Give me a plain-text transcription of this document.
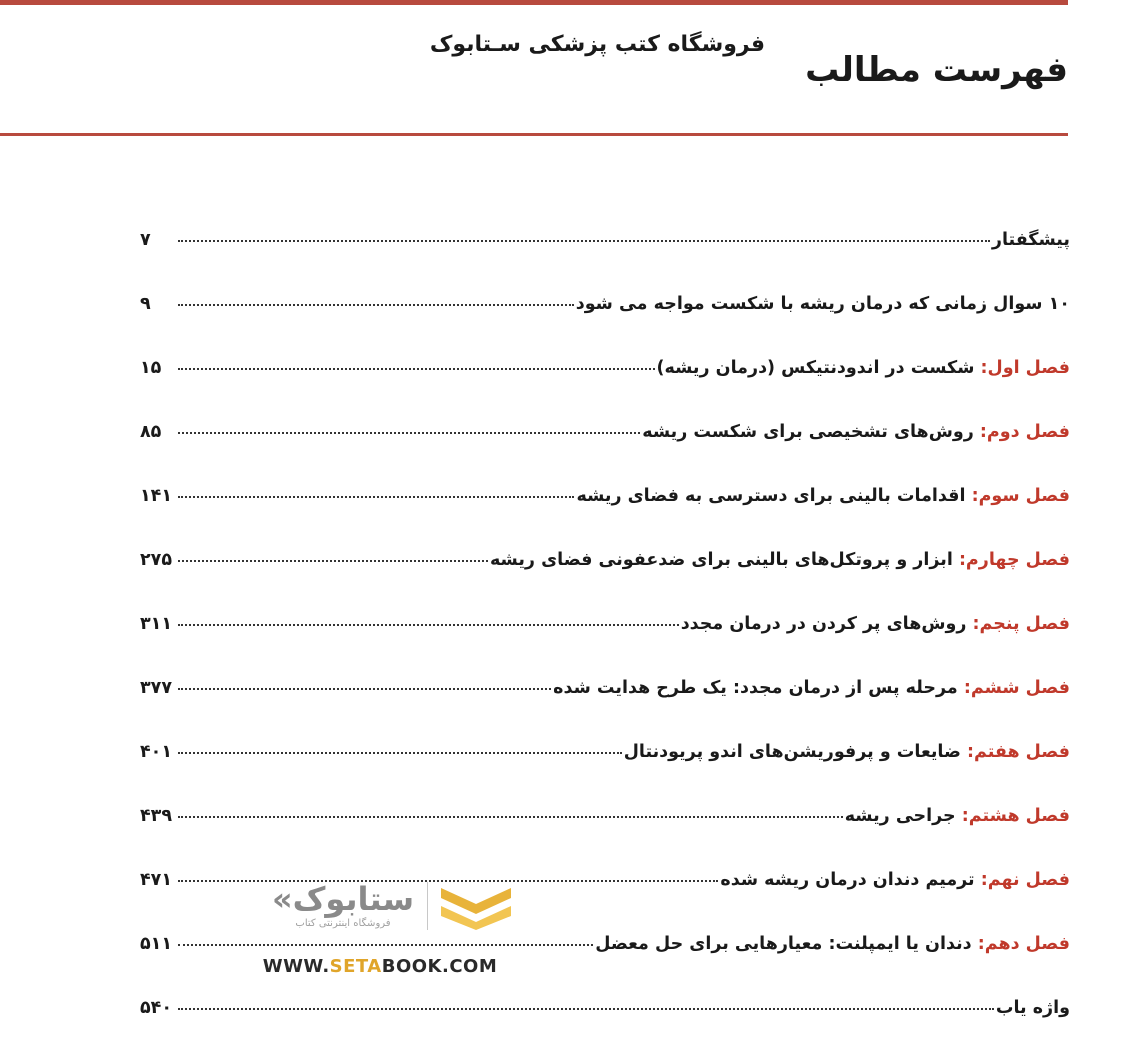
فروشگاه کتب پزشکی سـتابوک
فهرست مطالب
پیشگفتار
۷
۱۰ سوال زمانی که درمان ریشه با شکست مواجه می شود
۹
فصل اول: شکست در اندودنتیکس (درمان ریشه)
۱۵
فصل دوم: روش‌های تشخیصی برای شکست ریشه
۸۵
فصل سوم: اقدامات بالینی برای دسترسی به فضای ریشه
۱۴۱
فصل چهارم: ابزار و پروتکل‌های بالینی برای ضدعفونی فضای ریشه
۲۷۵
فصل پنجم: روش‌های پر کردن در درمان مجدد
۳۱۱
فصل ششم: مرحله پس از درمان مجدد: یک طرح هدایت شده
۳۷۷
فصل هفتم: ضایعات و پرفوریشن‌های اندو پریودنتال
۴۰۱
فصل هشتم: جراحی ریشه
۴۳۹
فصل نهم: ترمیم دندان درمان ریشه شده
۴۷۱
فصل دهم: دندان یا ایمپلنت: معیارهایی برای حل معضل
۵۱۱
واژه یاب
۵۴۰
«ستابوک
فروشگاه اینترنتی کتاب
WWW.SETABOOK.COM
